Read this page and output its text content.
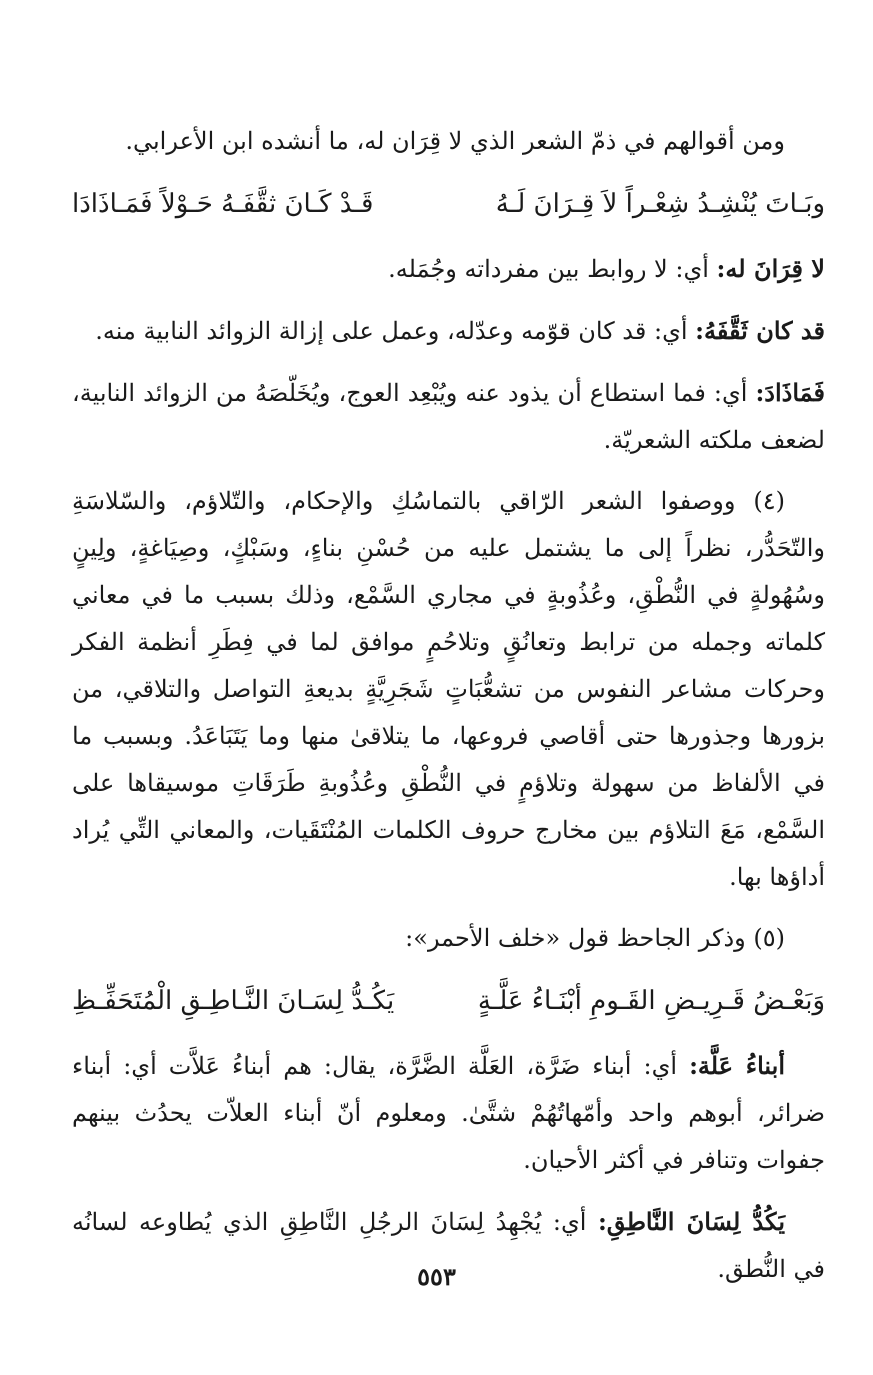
ومن أقوالهم في ذمّ الشعر الذي لا قِرَان له، ما أنشده ابن الأعرابي.

وبَـاتَ يُنْشِـدُ شِعْـراً لاَ قِـرَانَ لَـهُ
قَـدْ كَـانَ ثقَّفَـهُ حَـوْلاً فَمَـاذَادَا

لا قِرَانَ له: أي: لا روابط بين مفرداته وجُمَله.

قد كان ثَقَّفَهُ: أي: قد كان قوّمه وعدّله، وعمل على إزالة الزوائد النابية منه.

فَمَاذَادَ: أي: فما استطاع أن يذود عنه ويُبْعِد العوج، ويُخَلّصَهُ من الزوائد النابية، لضعف ملكته الشعريّة.

(٤) ووصفوا الشعر الرّاقي بالتماسُكِ والإحكام، والتّلاؤم، والسّلاسَةِ والتّحَدُّر، نظراً إلى ما يشتمل عليه من حُسْنِ بناءٍ، وسَبْكٍ، وصِيَاغةٍ، ولِينٍ وسُهُولةٍ في النُّطْقِ، وعُذُوبةٍ في مجاري السَّمْع، وذلك بسبب ما في معاني كلماته وجمله من ترابط وتعانُقٍ وتلاحُمٍ موافق لما في فِطَرِ أنظمة الفكر وحركات مشاعر النفوس من تشعُّبَاتٍ شَجَرِيَّةٍ بديعةِ التواصل والتلاقي، من بزورها وجذورها حتى أقاصي فروعها، ما يتلاقىٰ منها وما يَتَبَاعَدُ. وبسبب ما في الألفاظ من سهولة وتلاؤمٍ في النُّطْقِ وعُذُوبةِ طَرَقَاتِ موسيقاها على السَّمْع، مَعَ التلاؤم بين مخارج حروف الكلمات المُنْتَقَيات، والمعاني التِّي يُراد أداؤها بها.

(٥) وذكر الجاحظ قول «خلف الأحمر»:

وَبَعْـضُ قَـرِيـضِ القَـومِ أبْنَـاءُ عَلَّـةٍ
يَكُـدُّ لِسَـانَ النَّـاطِـقِ الْمُتَحَفِّـظِ

أبناءُ عَلَّة: أي: أبناء ضَرَّة، العَلَّة الضَّرَّة، يقال: هم أبناءُ عَلاَّت أي: أبناء ضرائر، أبوهم واحد وأمّهاتُهُمْ شتَّىٰ. ومعلوم أنّ أبناء العلاّت يحدُث بينهم جفوات وتنافر في أكثر الأحيان.

يَكُدُّ لِسَانَ النَّاطِقِ: أي: يُجْهِدُ لِسَانَ الرجُلِ النَّاطِقِ الذي يُطاوعه لسانُه في النُّطق.

٥٥٣
